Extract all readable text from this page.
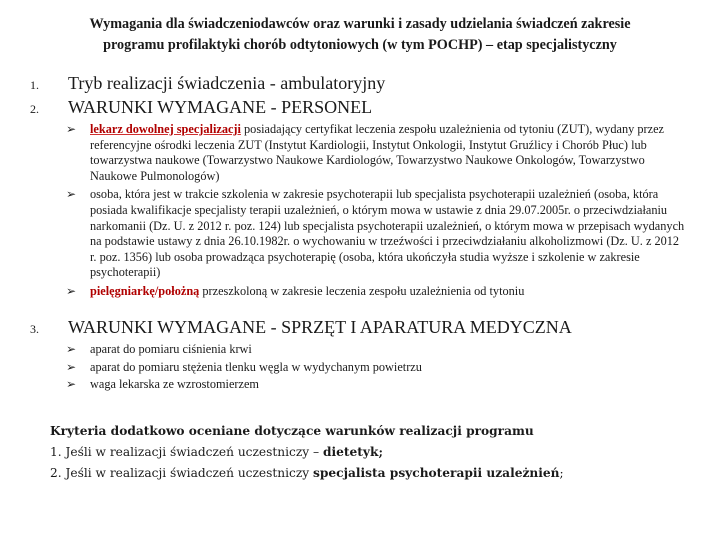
Wymagania dla świadczeniodawców oraz warunki i zasady udzielania świadczeń zakresie
programu profilaktyki chorób odtytoniowych (w tym POCHP) – etap specjalistyczny
1. Tryb realizacji świadczenia - ambulatoryjny
2. WARUNKI WYMAGANE - PERSONEL
➢ lekarz dowolnej specjalizacji posiadający certyfikat leczenia zespołu uzależnienia od tytoniu (ZUT), wydany przez referencyjne ośrodki leczenia ZUT (Instytut Kardiologii, Instytut Onkologii, Instytut Gruźlicy i Chorób Płuc) lub towarzystwa naukowe (Towarzystwo Naukowe Kardiologów, Towarzystwo Naukowe Onkologów, Towarzystwo Naukowe Pulmonologów)
➢ osoba, która jest w trakcie szkolenia w zakresie psychoterapii lub specjalista psychoterapii uzależnień (osoba, która posiada kwalifikacje specjalisty terapii uzależnień, o którym mowa w ustawie z dnia 29.07.2005r. o przeciwdziałaniu narkomanii (Dz. U. z 2012 r. poz. 124) lub specjalista psychoterapii uzależnień, o którym mowa w przepisach wydanych na podstawie ustawy z dnia 26.10.1982r. o wychowaniu w trzeźwości i przeciwdziałaniu alkoholizmowi (Dz. U. z 2012 r. poz. 1356) lub osoba prowadząca psychoterapię (osoba, która ukończyła studia wyższe i szkolenie w zakresie psychoterapii)
➢ pielęgniarkę/położną przeszkoloną w zakresie leczenia zespołu uzależnienia od tytoniu
3. WARUNKI WYMAGANE - SPRZĘT I APARATURA MEDYCZNA
➢ aparat do pomiaru ciśnienia krwi
➢ aparat do pomiaru stężenia tlenku węgla w wydychanym powietrzu
➢ waga lekarska ze wzrostomierzem
Kryteria dodatkowo oceniane dotyczące warunków realizacji programu
1. Jeśli w realizacji świadczeń uczestniczy – dietetyk;
2. Jeśli w realizacji świadczeń uczestniczy specjalista psychoterapii uzależnień;
